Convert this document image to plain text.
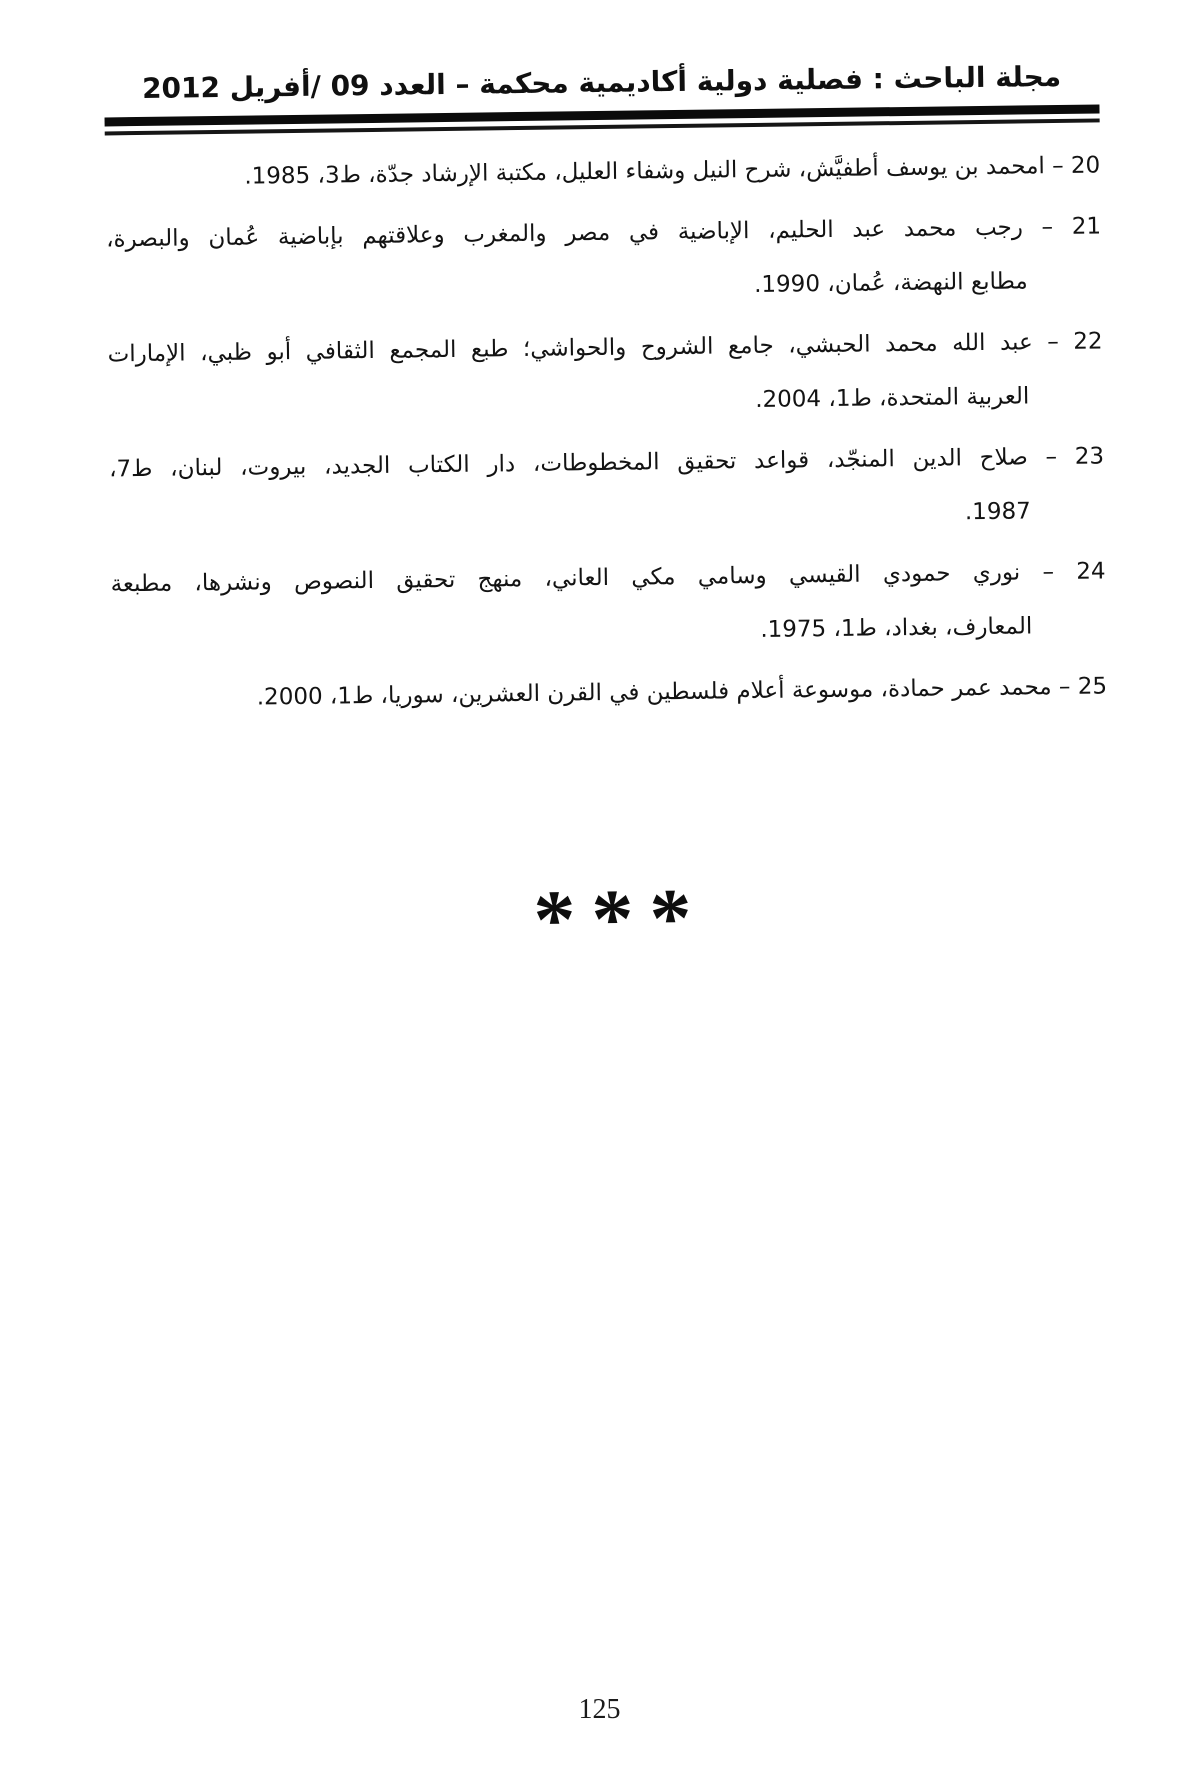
مجلة الباحث : فصلية دولية أكاديمية محكمة – العدد 09 /أفريل 2012
20 – امحمد بن يوسف أطفيَّش، شرح النيل وشفاء العليل، مكتبة الإرشاد جدّة، ط3، 1985.
21 – رجب محمد عبد الحليم، الإباضية في مصر والمغرب وعلاقتهم بإباضية عُمان والبصرة،
مطابع النهضة، عُمان، 1990.
22 – عبد الله محمد الحبشي، جامع الشروح والحواشي؛ طبع المجمع الثقافي أبو ظبي، الإمارات
العربية المتحدة، ط1، 2004.
23 – صلاح الدين المنجّد، قواعد تحقيق المخطوطات، دار الكتاب الجديد، بيروت، لبنان، ط7،
1987.
24 – نوري حمودي القيسي وسامي مكي العاني، منهج تحقيق النصوص ونشرها، مطبعة
المعارف، بغداد، ط1، 1975.
25 – محمد عمر حمادة، موسوعة أعلام فلسطين في القرن العشرين، سوريا، ط1، 2000.
***
125
